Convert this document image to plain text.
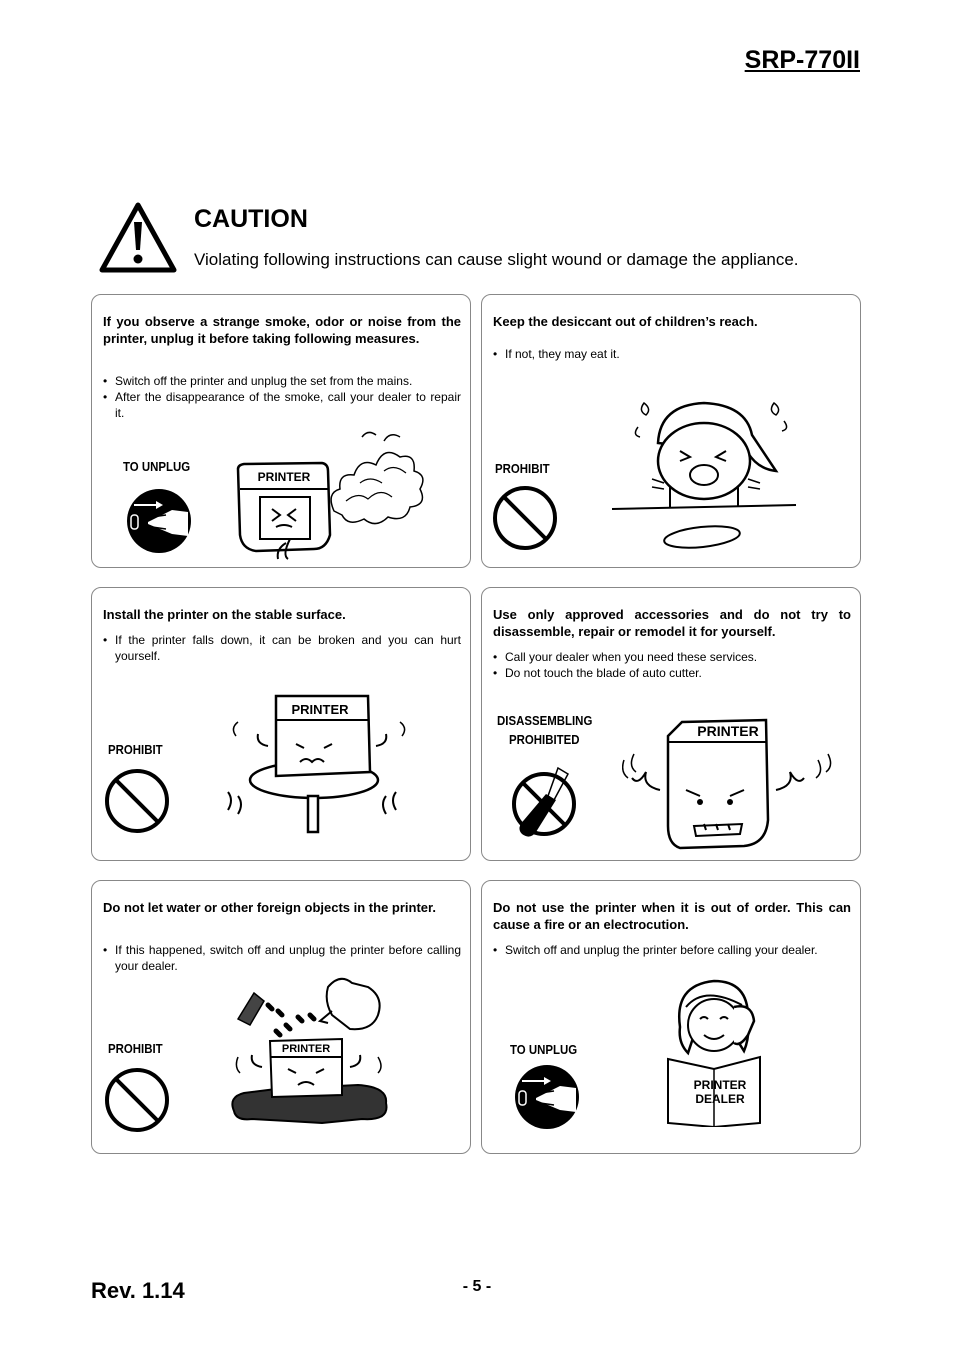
SRP-770II
CAUTION
Violating following instructions can cause slight wound or damage the appliance.
If you observe a strange smoke, odor or noise from the printer, unplug it before taking following measures.
• Switch off the printer and unplug the set from the mains.
• After the disappearance of the smoke, call your dealer to repair it.
TO UNPLUG
PRINTER
Keep the desiccant out of children’s reach.
• If not, they may eat it.
PROHIBIT
Install the printer on the stable surface.
• If the printer falls down, it can be broken and you can hurt yourself.
PROHIBIT
PRINTER
Use only approved accessories and do not try to disassemble, repair or remodel it for yourself.
• Call your dealer when you need these services.
• Do not touch the blade of auto cutter.
DISASSEMBLING
PROHIBITED
PRINTER
Do not let water or other foreign objects in the printer.
• If this happened, switch off and unplug the printer before calling your dealer.
PROHIBIT	PRINTER
Do not use the printer when it is out of order. This can cause a fire or an electrocution.
• Switch off and unplug the printer before calling your dealer.
TO UNPLUG
PRINTER
DEALER
Rev. 1.14	- 5 -
